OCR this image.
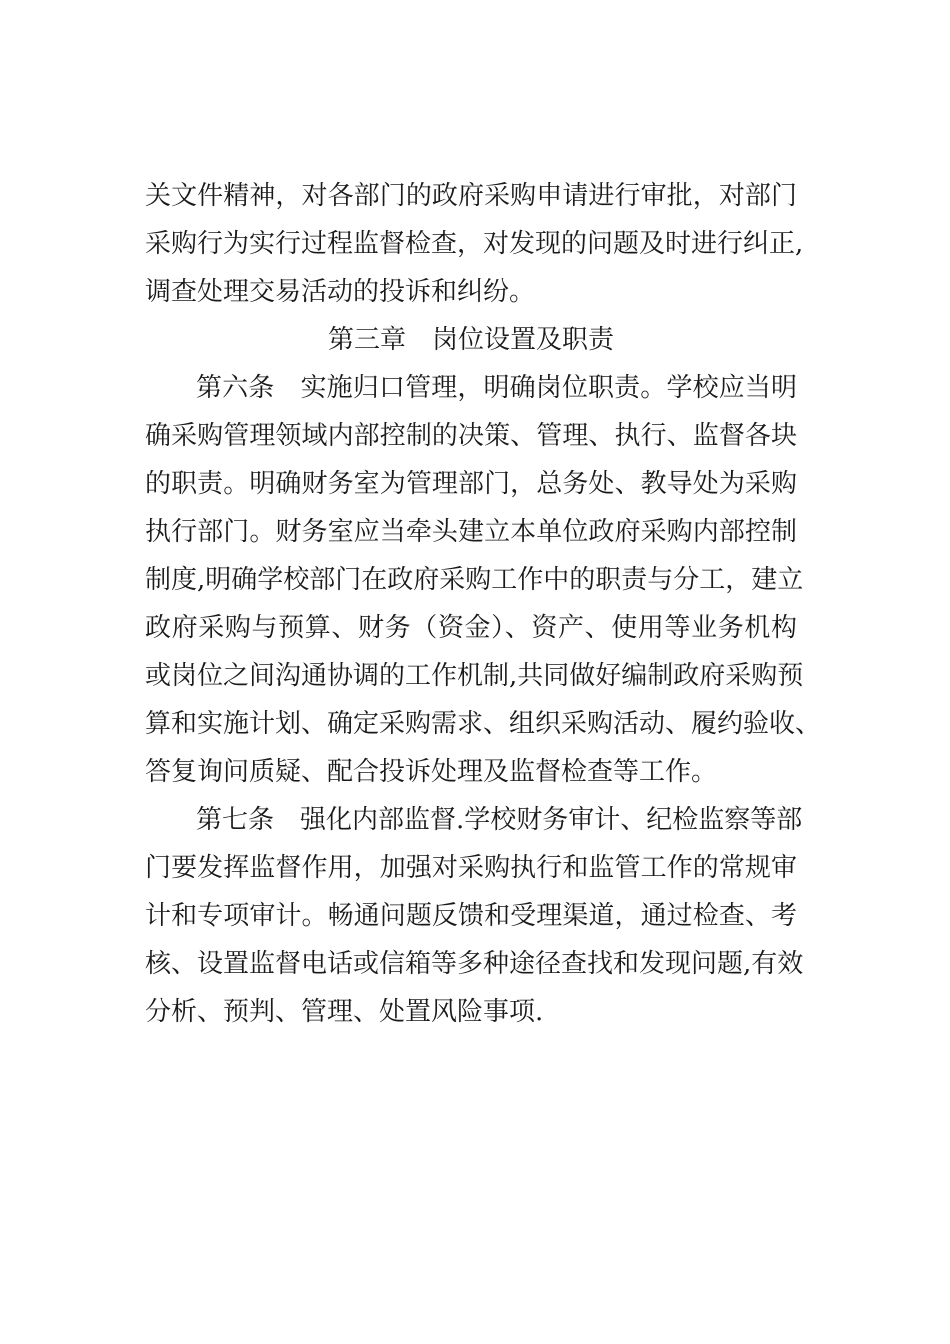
关文件精神，对各部门的政府采购申请进行审批，对部门
采购行为实行过程监督检查，对发现的问题及时进行纠正,
调查处理交易活动的投诉和纠纷。
第三章　岗位设置及职责
第六条　实施归口管理，明确岗位职责。学校应当明
确采购管理领域内部控制的决策、管理、执行、监督各块
的职责。明确财务室为管理部门，总务处、教导处为采购
执行部门。财务室应当牵头建立本单位政府采购内部控制
制度,明确学校部门在政府采购工作中的职责与分工，建立
政府采购与预算、财务（资金）、资产、使用等业务机构
或岗位之间沟通协调的工作机制,共同做好编制政府采购预
算和实施计划、确定采购需求、组织采购活动、履约验收、
答复询问质疑、配合投诉处理及监督检查等工作。
第七条　强化内部监督.学校财务审计、纪检监察等部
门要发挥监督作用，加强对采购执行和监管工作的常规审
计和专项审计。畅通问题反馈和受理渠道，通过检查、考
核、设置监督电话或信箱等多种途径查找和发现问题,有效
分析、预判、管理、处置风险事项.
